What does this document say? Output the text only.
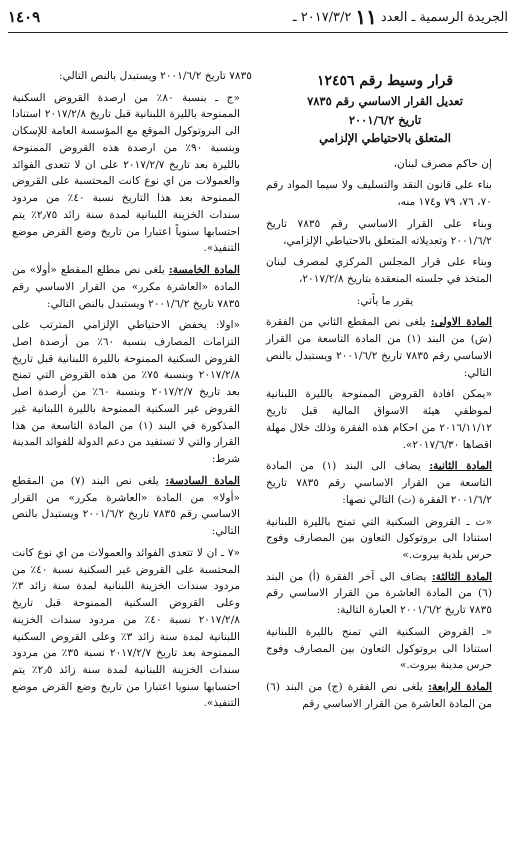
الجريدة الرسمية ـ العدد
١١
٢٠١٧/٣/٢ ـ
١٤٠٩
قرار وسيط رقم ١٢٤٥٦
تعديل القرار الاساسي رقم ٧٨٣٥
تاريخ ٢٠٠١/٦/٢
المتعلق بالاحتياطي الإلزامي

إن حاكم مصرف لبنان،

بناء على قانون النقد والتسليف ولا سيما المواد رقم ٧٠، ٧٦، ٧٩ و١٧٤ منه،

وبناء على القرار الاساسي رقم ٧٨٣٥ تاريخ ٢٠٠١/٦/٢ وتعديلاته المتعلق بالاحتياطي الإلزامي،

وبناء على قرار المجلس المركزي لمصرف لبنان المتخذ في جلسته المنعقدة بتاريخ ٢٠١٧/٢/٨،

يقرر ما يأتي:

المادة الاولى: يلغى نص المقطع الثاني من الفقرة (ش) من البند (١) من المادة التاسعة من القرار الاساسي رقم ٧٨٣٥ تاريخ ٢٠٠١/٦/٢ ويستبدل بالنص التالي:

«يمكن افادة القروض الممنوحة بالليرة اللبنانية لموظفي هيئة الاسواق المالية قبل تاريخ ٢٠١٦/١١/١٢ من احكام هذه الفقرة وذلك خلال مهلة اقصاها ٢٠١٧/٦/٣٠».

المادة الثانية: يضاف الى البند (١) من المادة التاسعة من القرار الاساسي رقم ٧٨٣٥ تاريخ ٢٠٠١/٦/٢ الفقرة (ت) التالي نصها:

«ت ـ القروض السكنية التي تمنح بالليرة اللبنانية استنادا الى بروتوكول التعاون بين المصارف وفوج حرس بلدية بيروت.»

المادة الثالثة: يضاف الى آخر الفقرة (أ) من البند (٦) من المادة العاشرة من القرار الاساسي رقم ٧٨٣٥ تاريخ ٢٠٠١/٦/٢ العبارة التالية:

«ـ القروض السكنية التي تمنح بالليرة اللبنانية استنادا الى بروتوكول التعاون بين المصارف وفوج حرس مدينة بيروت.»

المادة الرابعة: يلغى نص الفقرة (ج) من البند (٦) من المادة العاشرة من القرار الاساسي رقم

٧٨٣٥ تاريخ ٢٠٠١/٦/٢ ويستبدل بالنص التالي:

«ج ـ بنسبة ٨٠٪ من ارصدة القروض السكنية الممنوحة بالليرة اللبنانية قبل تاريخ ٢٠١٧/٢/٨ استنادا الى البروتوكول الموقع مع المؤسسة العامة للإسكان وبنسبة ٩٠٪ من ارصدة هذه القروض الممنوحة بالليرة بعد تاريخ ٢٠١٧/٢/٧ على ان لا تتعدى الفوائد والعمولات من اي نوع كانت المحتسبة على القروض الممنوحة بعد هذا التاريخ نسبة ٤٠٪ من مردود سندات الخزينة اللبنانية لمدة سنة زائد ٢٫٧٥٪ يتم احتسابها سنوياً اعتبارا من تاريخ وضع القرض موضع التنفيذ».

المادة الخامسة: يلغى نص مطلع المقطع «أولا» من المادة «العاشرة مكرر» من القرار الاساسي رقم ٧٨٣٥ تاريخ ٢٠٠١/٦/٢ ويستبدل بالنص التالي:

«اولا: يخفض الاحتياطي الإلزامي المترتب على التزامات المصارف بنسبة ٦٠٪ من أرصدة اصل القروض السكنية الممنوحة بالليرة اللبنانية قبل تاريخ ٢٠١٧/٢/٨ وبنسبة ٧٥٪ من هذه القروض التي تمنح بعد تاريخ ٢٠١٧/٢/٧ وبنسبة ٦٠٪ من أرصدة اصل القروض غير السكنية الممنوحة بالليرة اللبنانية غير المذكورة في البند (١) من المادة التاسعة من هذا القرار والتي لا تستفيد من دعم الدولة للفوائد المدينة شرط:

المادة السادسة: يلغى نص البند (٧) من المقطع «أولا» من المادة «العاشرة مكرر» من القرار الاساسي رقم ٧٨٣٥ تاريخ ٢٠٠١/٦/٢ ويستبدل بالنص التالي:

«٧ ـ ان لا تتعدى الفوائد والعمولات من اي نوع كانت المحتسبة على القروض غير السكنية نسبة ٤٠٪ من مردود سندات الخزينة اللبنانية لمدة سنة زائد ٣٪ وعلى القروض السكنية الممنوحة قبل تاريخ ٢٠١٧/٢/٨ نسبة ٤٠٪ من مردود سندات الخزينة اللبنانية لمدة سنة زائد ٣٪ وعلى القروض السكنية الممنوحة بعد تاريخ ٢٠١٧/٢/٧ نسبة ٣٥٪ من مردود سندات الخزينة اللبنانية لمدة سنة زائد ٢٫٥٪ يتم احتسابها سنويا اعتبارا من تاريخ وضع القرض موضع التنفيذ».
